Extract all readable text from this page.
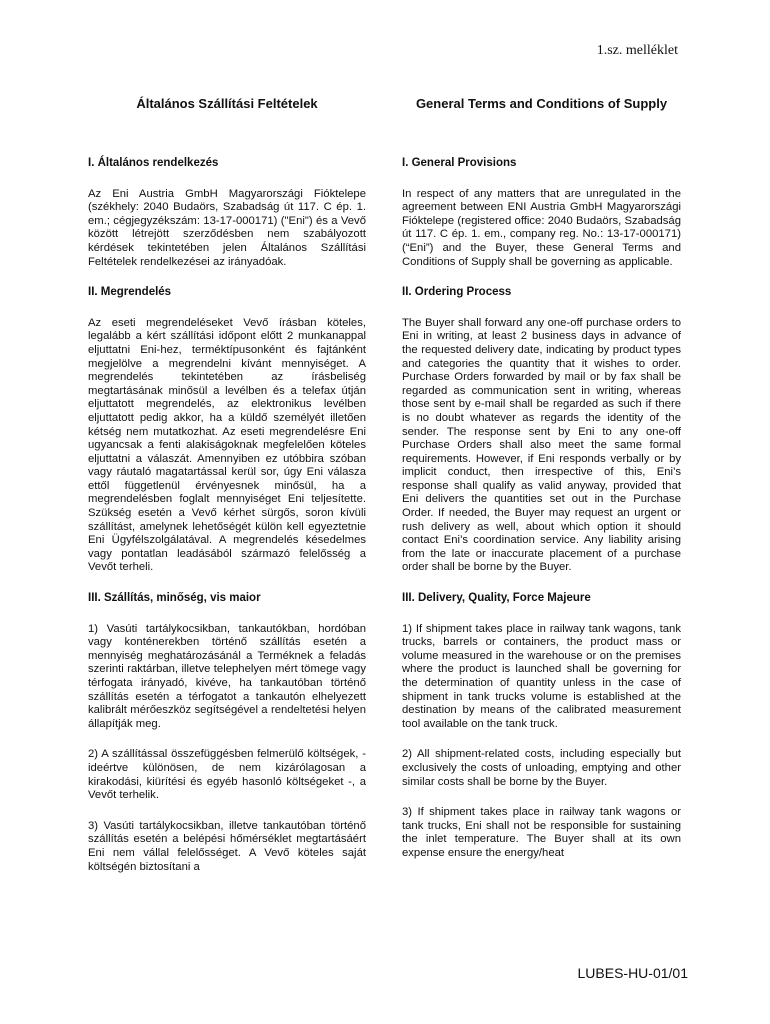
1.sz. melléklet
Általános Szállítási Feltételek
I. Általános rendelkezés
Az Eni Austria GmbH Magyarországi Fióktelepe (székhely: 2040 Budaörs, Szabadság út 117. C ép. 1. em.; cégjegyzékszám: 13-17-000171) ("Eni") és a Vevő között létrejött szerződésben nem szabályozott kérdések tekintetében jelen Általános Szállítási Feltételek rendelkezései az irányadóak.
II. Megrendelés
Az eseti megrendeléseket Vevő írásban köteles, legalább a kért szállítási időpont előtt 2 munkanappal eljuttatni Eni-hez, terméktípusonként és fajtánként megjelölve a megrendelni kívánt mennyiséget. A megrendelés tekintetében az írásbeliség megtartásának minősül a levélben és a telefax útján eljuttatott megrendelés, az elektronikus levélben eljuttatott pedig akkor, ha a küldő személyét illetően kétség nem mutatkozhat. Az eseti megrendelésre Eni ugyancsak a fenti alakiságoknak megfelelően köteles eljuttatni a válaszát. Amennyiben ez utóbbira szóban vagy ráutaló magatartással kerül sor, úgy Eni válasza ettől függetlenül érvényesnek minősül, ha a megrendelésben foglalt mennyiséget Eni teljesítette. Szükség esetén a Vevő kérhet sürgős, soron kívüli szállítást, amelynek lehetőségét külön kell egyeztetnie Eni Ügyfélszolgálatával. A megrendelés késedelmes vagy pontatlan leadásából származó felelősség a Vevőt terheli.
III. Szállítás, minőség, vis maior
1) Vasúti tartálykocsikban, tankautókban, hordóban vagy konténerekben történő szállítás esetén a mennyiség meghatározásánál a Terméknek a feladás szerinti raktárban, illetve telephelyen mért tömege vagy térfogata irányadó, kivéve, ha tankautóban történő szállítás esetén a térfogatot a tankautón elhelyezett kalibrált mérőeszköz segítségével a rendeltetési helyen állapítják meg.
2) A szállítással összefüggésben felmerülő költségek, - ideértve különösen, de nem kizárólagosan a kirakodási, kiürítési és egyéb hasonló költségeket -, a Vevőt terhelik.
3) Vasúti tartálykocsikban, illetve tankautóban történő szállítás esetén a belépési hőmérséklet megtartásáért Eni nem vállal felelősséget. A Vevő köteles saját költségén biztosítani a
General Terms and Conditions of Supply
I. General Provisions
In respect of any matters that are unregulated in the agreement between ENI Austria GmbH Magyarországi Fióktelepe (registered office: 2040 Budaörs, Szabadság út 117. C ép. 1. em., company reg. No.: 13-17-000171) (“Eni”) and the Buyer, these General Terms and Conditions of Supply shall be governing as applicable.
II. Ordering Process
The Buyer shall forward any one-off purchase orders to Eni in writing, at least 2 business days in advance of the requested delivery date, indicating by product types and categories the quantity that it wishes to order. Purchase Orders forwarded by mail or by fax shall be regarded as communication sent in writing, whereas those sent by e-mail shall be regarded as such if there is no doubt whatever as regards the identity of the sender. The response sent by Eni to any one-off Purchase Orders shall also meet the same formal requirements. However, if Eni responds verbally or by implicit conduct, then irrespective of this, Eni’s response shall qualify as valid anyway, provided that Eni delivers the quantities set out in the Purchase Order. If needed, the Buyer may request an urgent or rush delivery as well, about which option it should contact Eni’s coordination service. Any liability arising from the late or inaccurate placement of a purchase order shall be borne by the Buyer.
III. Delivery, Quality, Force Majeure
1) If shipment takes place in railway tank wagons, tank trucks, barrels or containers, the product mass or volume measured in the warehouse or on the premises where the product is launched shall be governing for the determination of quantity unless in the case of shipment in tank trucks volume is established at the destination by means of the calibrated measurement tool available on the tank truck.
2) All shipment-related costs, including especially but exclusively the costs of unloading, emptying and other similar costs shall be borne by the Buyer.
3) If shipment takes place in railway tank wagons or tank trucks, Eni shall not be responsible for sustaining the inlet temperature. The Buyer shall at its own expense ensure the energy/heat
LUBES-HU-01/01
